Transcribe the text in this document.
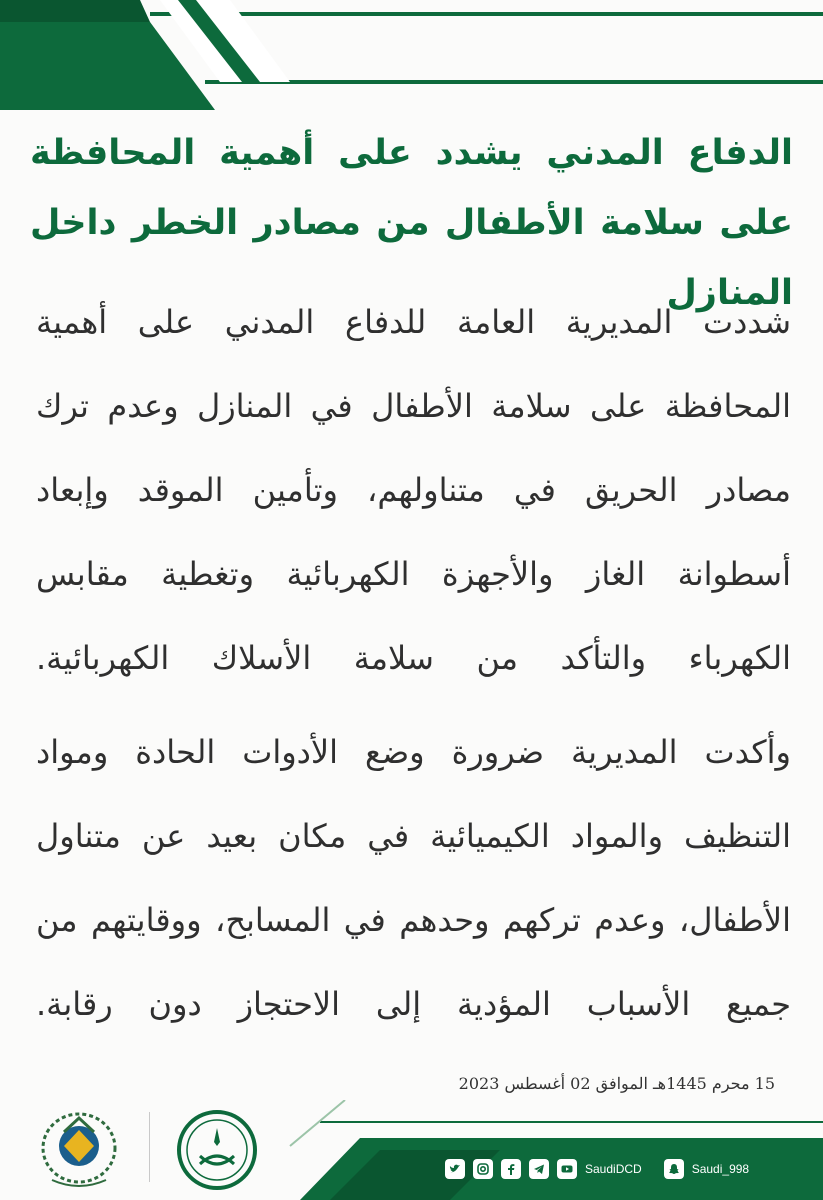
الدفاع المدني يشدد على أهمية المحافظة على سلامة الأطفال من مصادر الخطر داخل المنازل
شددت المديرية العامة للدفاع المدني على أهمية المحافظة على سلامة الأطفال في المنازل وعدم ترك مصادر الحريق في متناولهم، وتأمين الموقد وإبعاد أسطوانة الغاز والأجهزة الكهربائية وتغطية مقابس الكهرباء والتأكد من سلامة الأسلاك الكهربائية.
وأكدت المديرية ضرورة وضع الأدوات الحادة ومواد التنظيف والمواد الكيميائية في مكان بعيد عن متناول الأطفال، وعدم تركهم وحدهم في المسابح، ووقايتهم من جميع الأسباب المؤدية إلى الاحتجاز دون رقابة.
15 محرم 1445هـ الموافق 02 أغسطس 2023
SaudiDCD	Saudi_998
